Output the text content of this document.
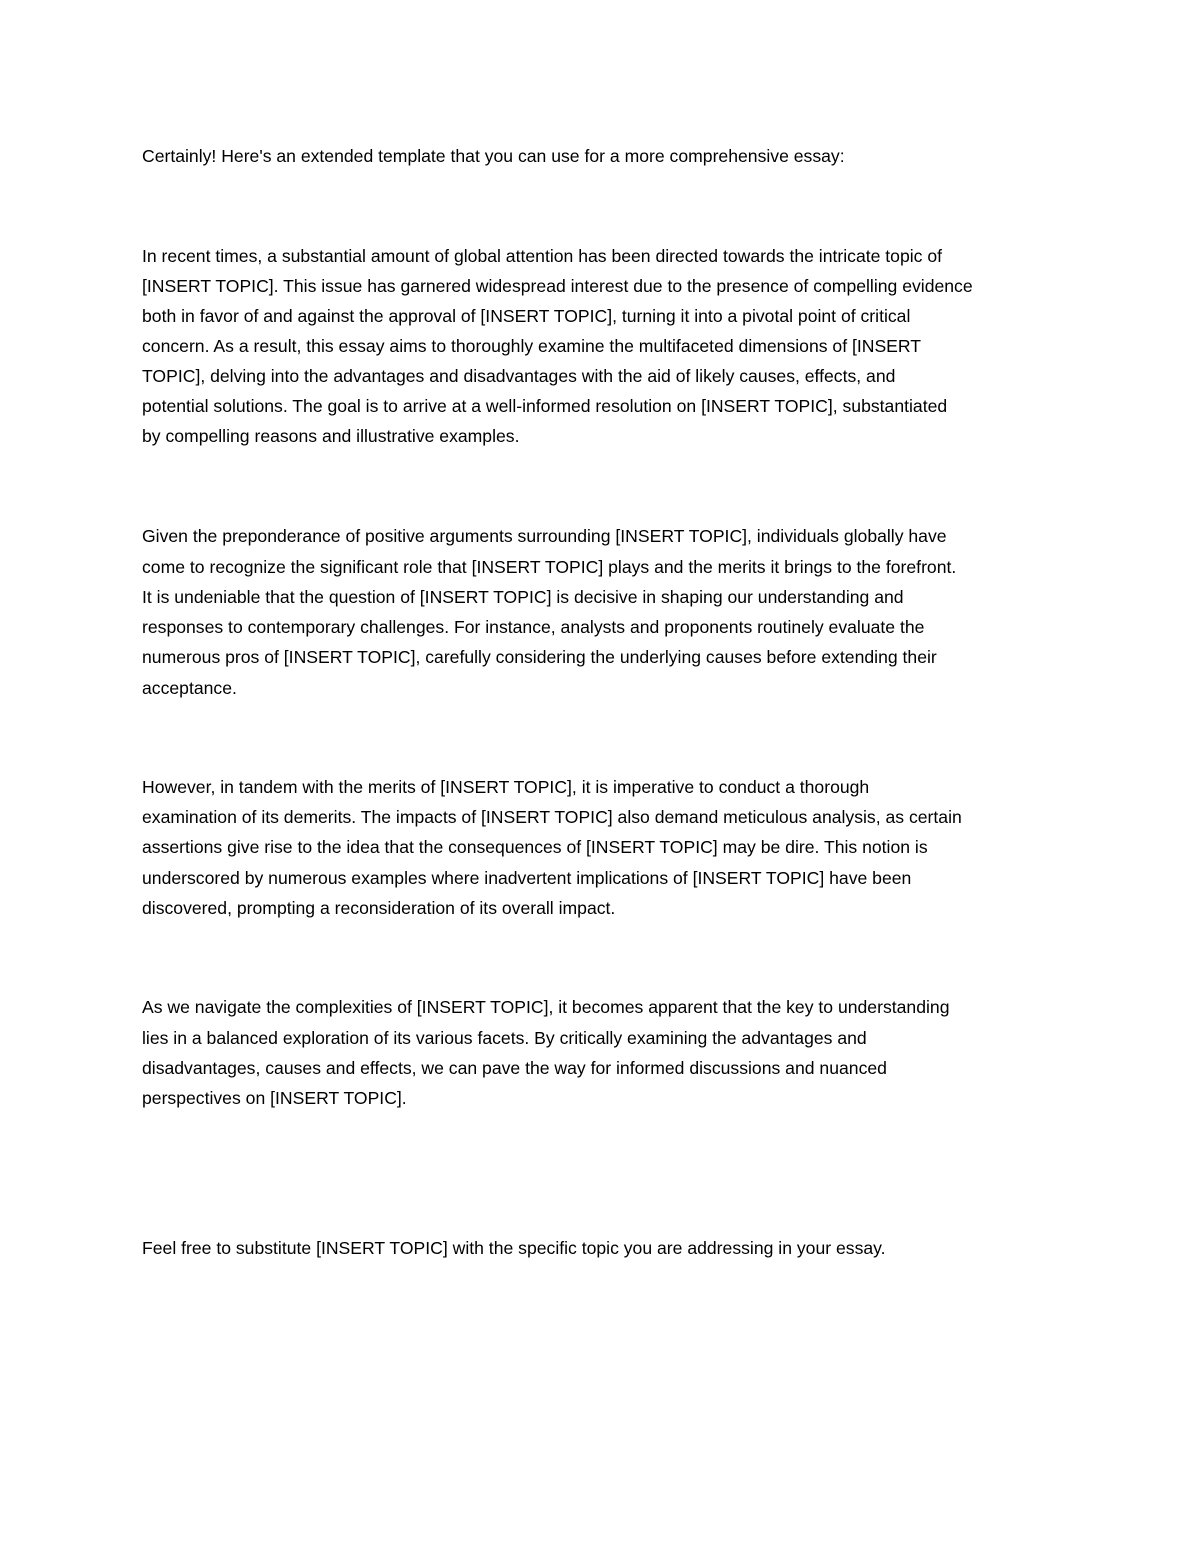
Certainly! Here's an extended template that you can use for a more comprehensive essay:
In recent times, a substantial amount of global attention has been directed towards the intricate topic of
[INSERT TOPIC]. This issue has garnered widespread interest due to the presence of compelling evidence
both in favor of and against the approval of [INSERT TOPIC], turning it into a pivotal point of critical
concern. As a result, this essay aims to thoroughly examine the multifaceted dimensions of [INSERT
TOPIC], delving into the advantages and disadvantages with the aid of likely causes, effects, and
potential solutions. The goal is to arrive at a well-informed resolution on [INSERT TOPIC], substantiated
by compelling reasons and illustrative examples.
Given the preponderance of positive arguments surrounding [INSERT TOPIC], individuals globally have
come to recognize the significant role that [INSERT TOPIC] plays and the merits it brings to the forefront.
It is undeniable that the question of [INSERT TOPIC] is decisive in shaping our understanding and
responses to contemporary challenges. For instance, analysts and proponents routinely evaluate the
numerous pros of [INSERT TOPIC], carefully considering the underlying causes before extending their
acceptance.
However, in tandem with the merits of [INSERT TOPIC], it is imperative to conduct a thorough
examination of its demerits. The impacts of [INSERT TOPIC] also demand meticulous analysis, as certain
assertions give rise to the idea that the consequences of [INSERT TOPIC] may be dire. This notion is
underscored by numerous examples where inadvertent implications of [INSERT TOPIC] have been
discovered, prompting a reconsideration of its overall impact.
As we navigate the complexities of [INSERT TOPIC], it becomes apparent that the key to understanding
lies in a balanced exploration of its various facets. By critically examining the advantages and
disadvantages, causes and effects, we can pave the way for informed discussions and nuanced
perspectives on [INSERT TOPIC].
Feel free to substitute [INSERT TOPIC] with the specific topic you are addressing in your essay.
